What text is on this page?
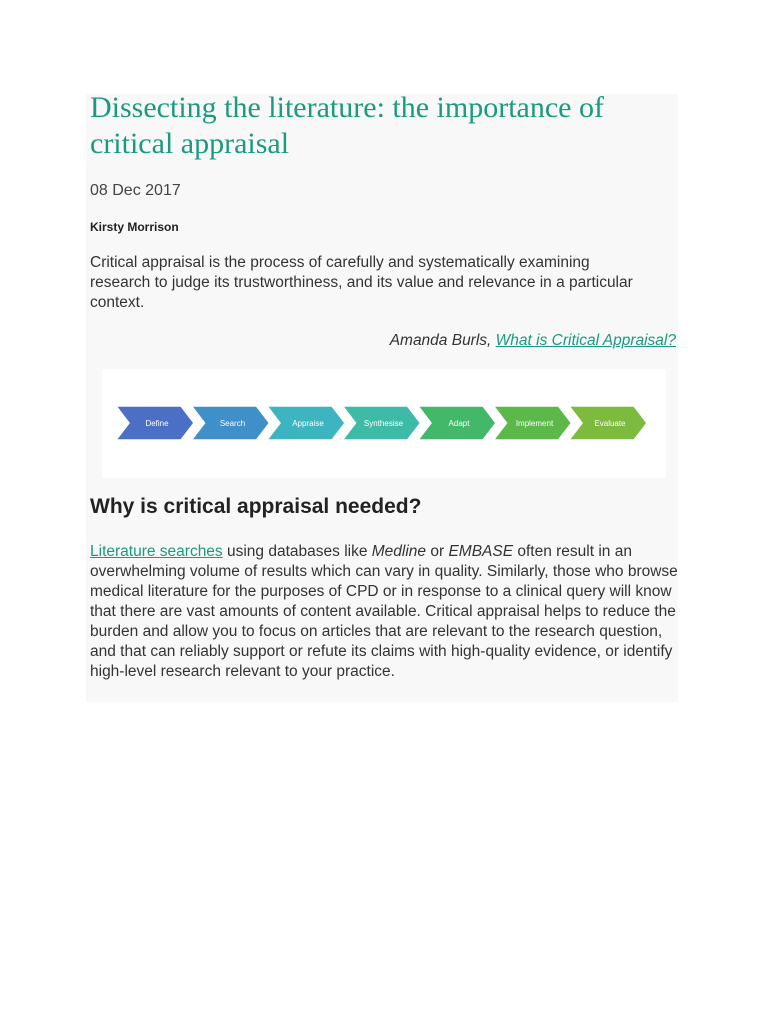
Dissecting the literature: the importance of critical appraisal
08 Dec 2017
Kirsty Morrison
Critical appraisal is the process of carefully and systematically examining research to judge its trustworthiness, and its value and relevance in a particular context.
Amanda Burls, What is Critical Appraisal?
Define	Search	Appraise	Synthesise	Adapt	Implement	Evaluate
Why is critical appraisal needed?
Literature searches using databases like Medline or EMBASE often result in an overwhelming volume of results which can vary in quality. Similarly, those who browse medical literature for the purposes of CPD or in response to a clinical query will know that there are vast amounts of content available. Critical appraisal helps to reduce the burden and allow you to focus on articles that are relevant to the research question, and that can reliably support or refute its claims with high-quality evidence, or identify high-level research relevant to your practice.
